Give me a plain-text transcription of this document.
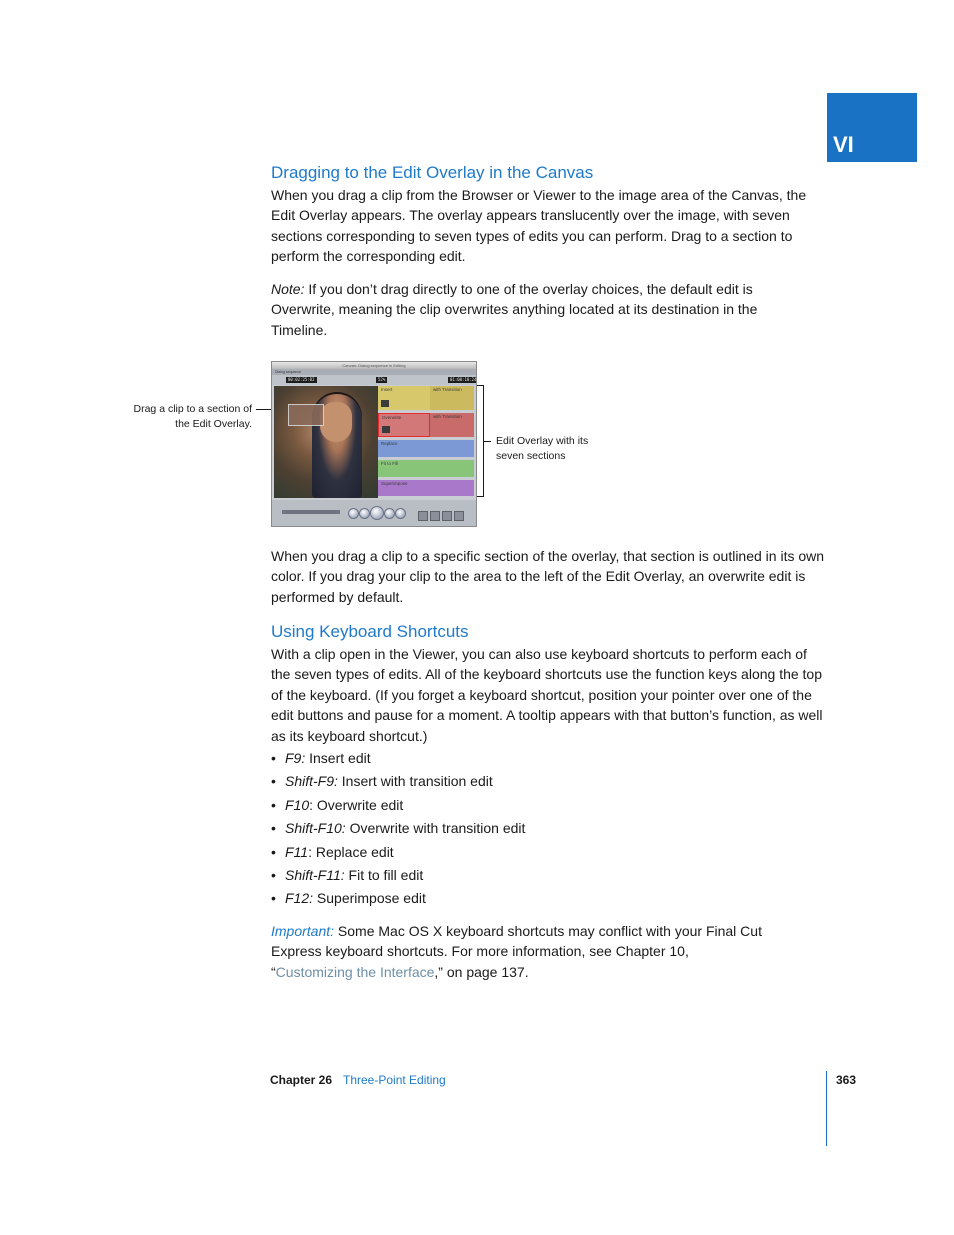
VI
Dragging to the Edit Overlay in the Canvas

When you drag a clip from the Browser or Viewer to the image area of the Canvas, the Edit Overlay appears. The overlay appears translucently over the image, with seven sections corresponding to seven types of edits you can perform. Drag to a section to perform the corresponding edit.

Note: If you don’t drag directly to one of the overlay choices, the default edit is Overwrite, meaning the clip overwrites anything located at its destination in the Timeline.

Drag a clip to a section of
the Edit Overlay.
Edit Overlay with its
seven sections
Canvas: Dialog sequence in Editing
Dialog sequence
00:02:25:02	52%	01:00:10:24
Insert	with Transition
Overwrite	with Transition
Replace
Fit to Fill
Superimpose

When you drag a clip to a specific section of the overlay, that section is outlined in its own color. If you drag your clip to the area to the left of the Edit Overlay, an overwrite edit is performed by default.

Using Keyboard Shortcuts

With a clip open in the Viewer, you can also use keyboard shortcuts to perform each of the seven types of edits. All of the keyboard shortcuts use the function keys along the top of the keyboard. (If you forget a keyboard shortcut, position your pointer over one of the edit buttons and pause for a moment. A tooltip appears with that button’s function, as well as its keyboard shortcut.)

• F9: Insert edit
• Shift-F9: Insert with transition edit
• F10: Overwrite edit
• Shift-F10: Overwrite with transition edit
• F11: Replace edit
• Shift-F11: Fit to fill edit
• F12: Superimpose edit

Important: Some Mac OS X keyboard shortcuts may conflict with your Final Cut Express keyboard shortcuts. For more information, see Chapter 10, “Customizing the Interface,” on page 137.

Chapter 26 Three-Point Editing	363
